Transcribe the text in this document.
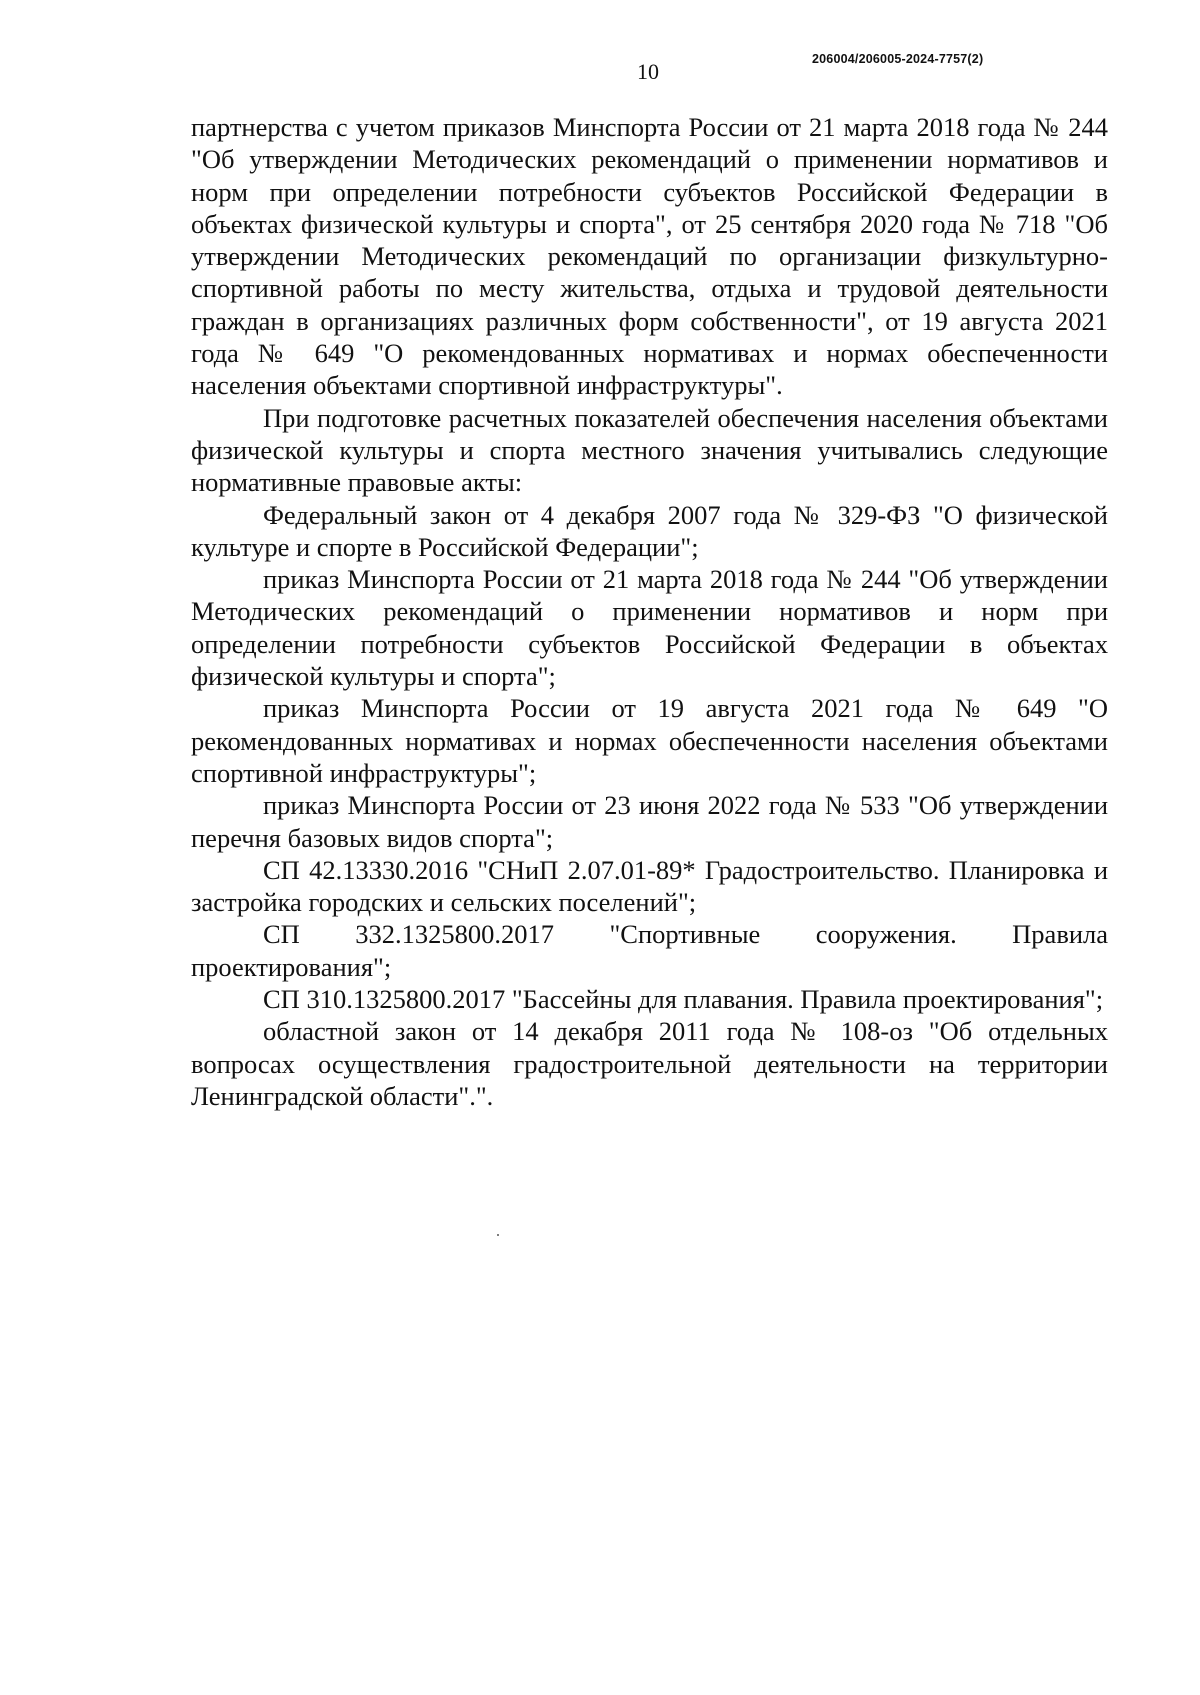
10	206004/206005-2024-7757(2)

партнерства с учетом приказов Минспорта России от 21 марта 2018 года № 244 "Об утверждении Методических рекомендаций о применении нормативов и норм при определении потребности субъектов Российской Федерации в объектах физической культуры и спорта", от 25 сентября 2020 года № 718 "Об утверждении Методических рекомендаций по организации физкультурно-спортивной работы по месту жительства, отдыха и трудовой деятельности граждан в организациях различных форм собственности", от 19 августа 2021 года № 649 "О рекомендованных нормативах и нормах обеспеченности населения объектами спортивной инфраструктуры".

При подготовке расчетных показателей обеспечения населения объектами физической культуры и спорта местного значения учитывались следующие нормативные правовые акты:

Федеральный закон от 4 декабря 2007 года № 329-ФЗ "О физической культуре и спорте в Российской Федерации";

приказ Минспорта России от 21 марта 2018 года № 244 "Об утверждении Методических рекомендаций о применении нормативов и норм при определении потребности субъектов Российской Федерации в объектах физической культуры и спорта";

приказ Минспорта России от 19 августа 2021 года № 649 "О рекомендованных нормативах и нормах обеспеченности населения объектами спортивной инфраструктуры";

приказ Минспорта России от 23 июня 2022 года № 533 "Об утверждении перечня базовых видов спорта";

СП 42.13330.2016 "СНиП 2.07.01-89* Градостроительство. Планировка и застройка городских и сельских поселений";

СП 332.1325800.2017 "Спортивные сооружения. Правила проектирования";

СП 310.1325800.2017 "Бассейны для плавания. Правила проектирования";

областной закон от 14 декабря 2011 года № 108-оз "Об отдельных вопросах осуществления градостроительной деятельности на территории Ленинградской области".".
